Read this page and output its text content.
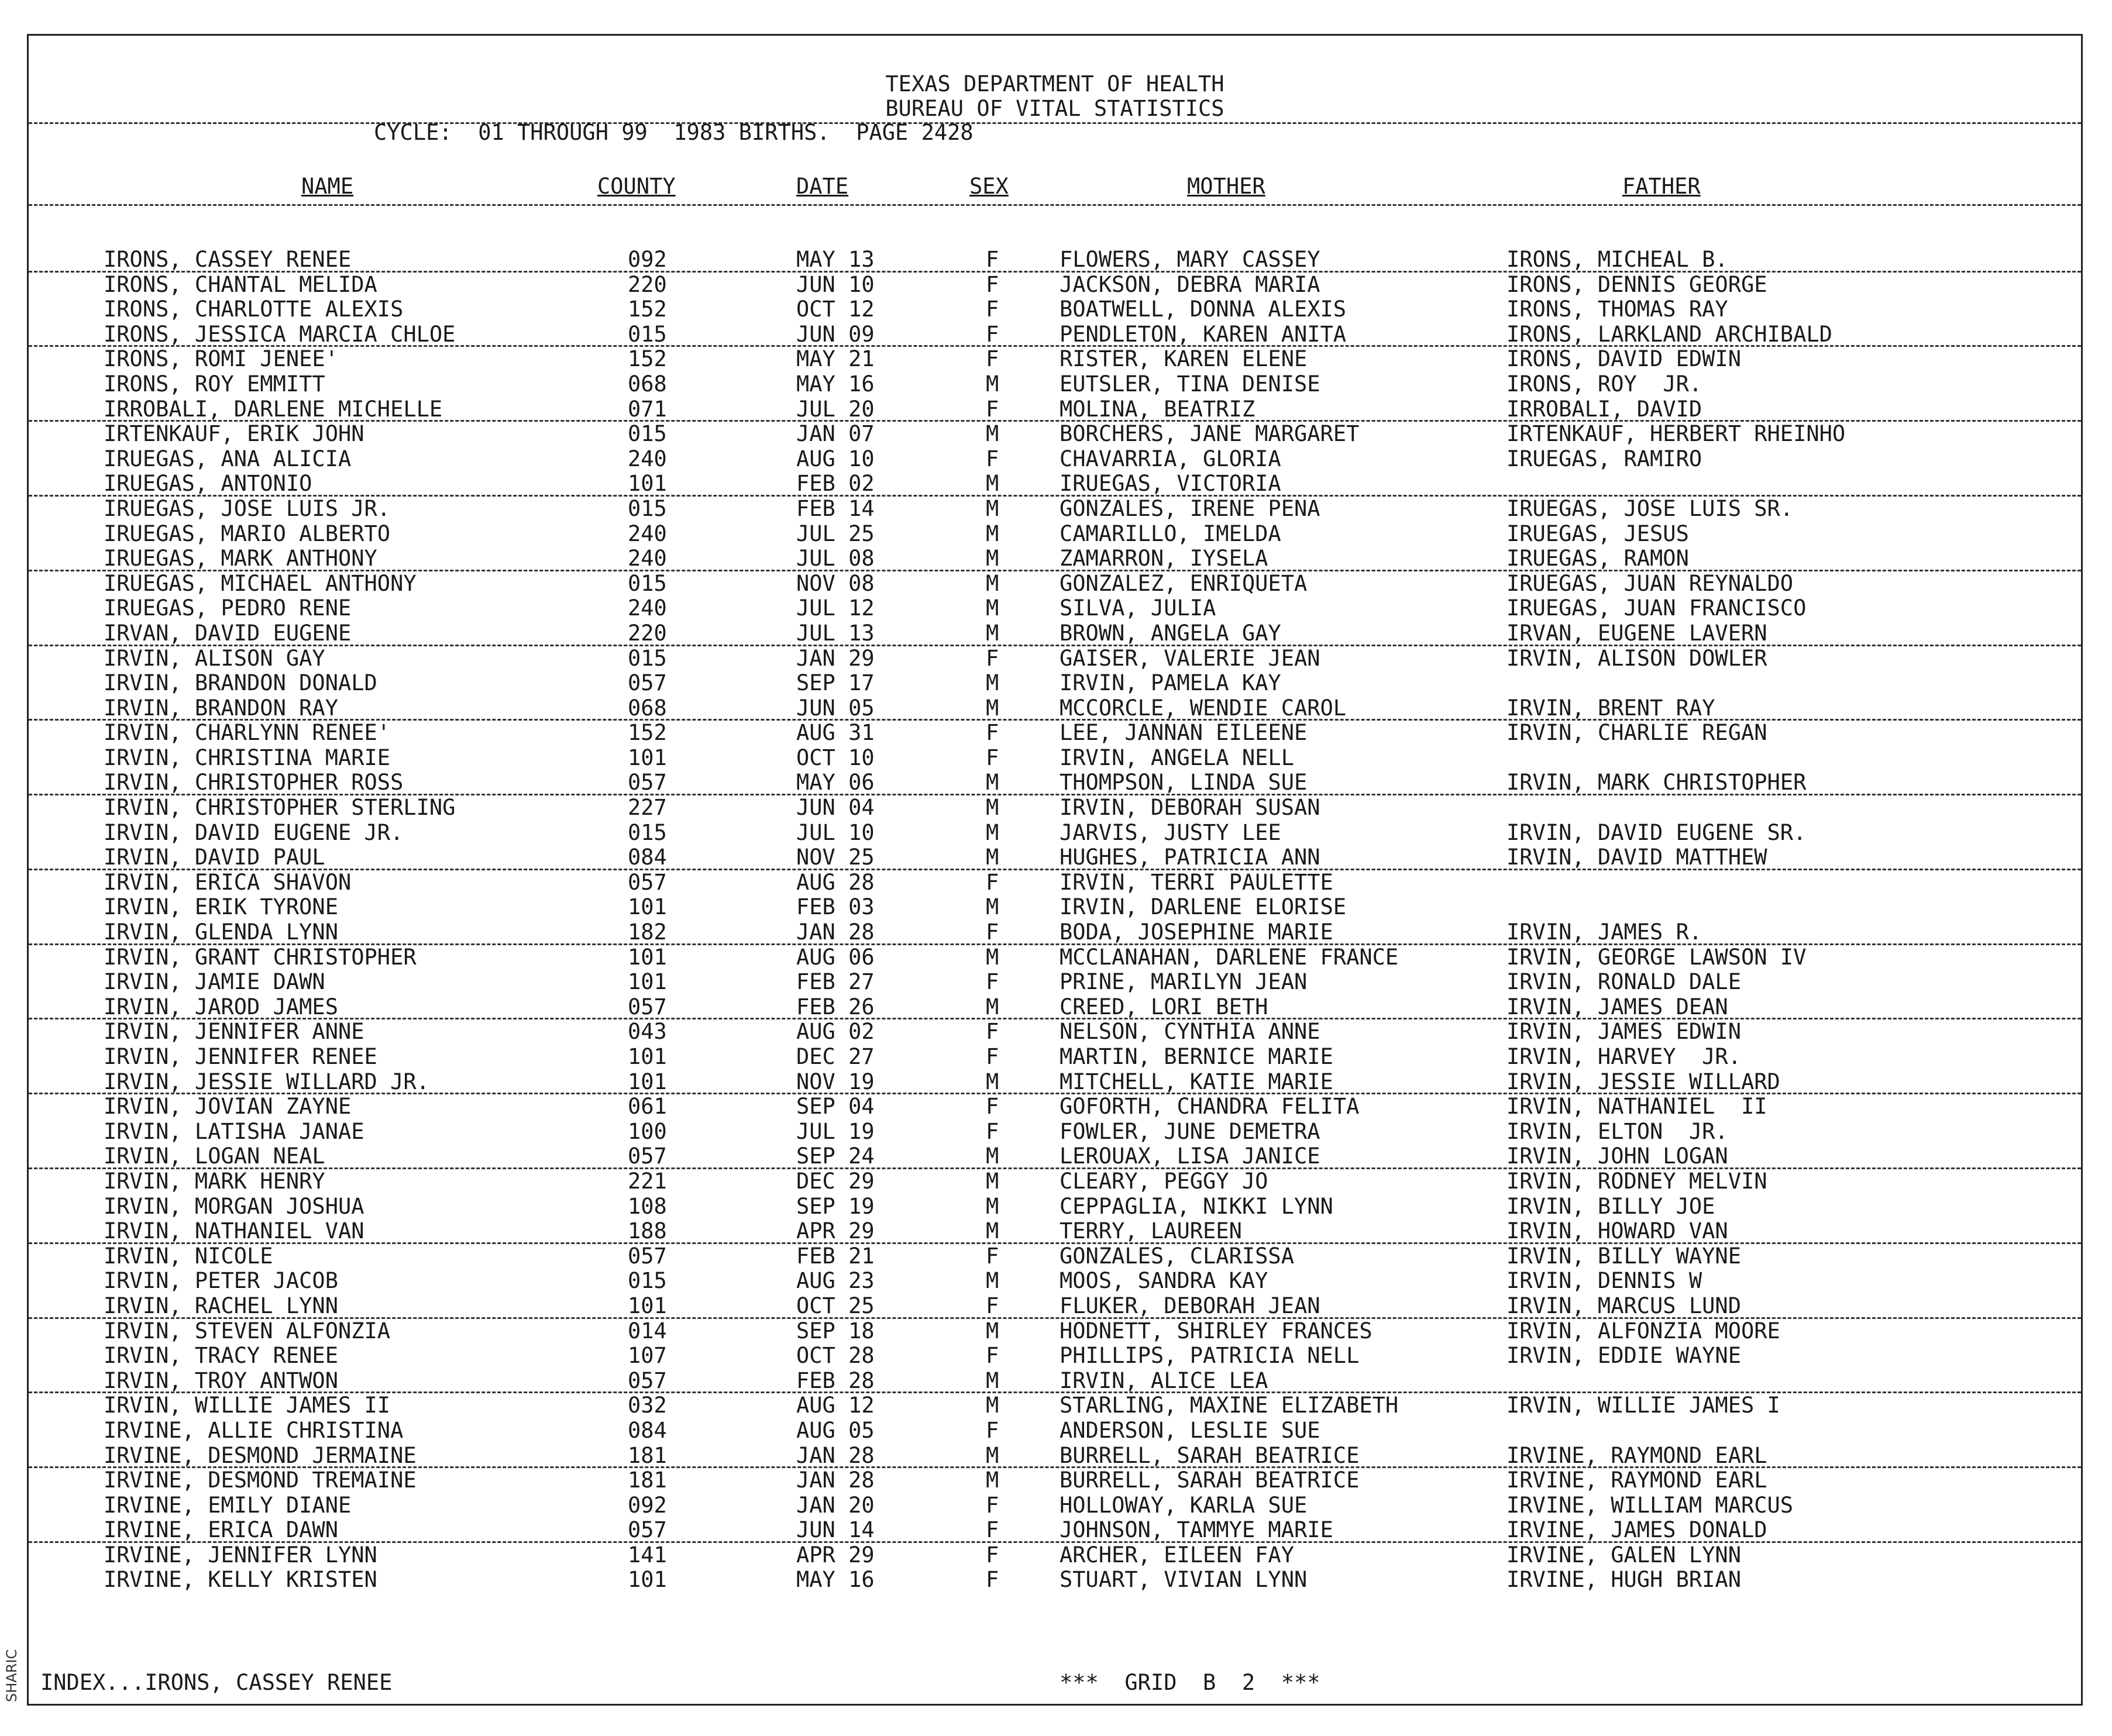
SHARIC
TEXAS DEPARTMENT OF HEALTH
BUREAU OF VITAL STATISTICS
CYCLE:  01 THROUGH 99  1983 BIRTHS.  PAGE 2428
NAME	COUNTY	DATE	SEX	MOTHER	FATHER
IRONS, CASSEY RENEE	092	MAY 13	F	FLOWERS, MARY CASSEY	IRONS, MICHEAL B.
IRONS, CHANTAL MELIDA	220	JUN 10	F	JACKSON, DEBRA MARIA	IRONS, DENNIS GEORGE
IRONS, CHARLOTTE ALEXIS	152	OCT 12	F	BOATWELL, DONNA ALEXIS	IRONS, THOMAS RAY
IRONS, JESSICA MARCIA CHLOE	015	JUN 09	F	PENDLETON, KAREN ANITA	IRONS, LARKLAND ARCHIBALD
IRONS, ROMI JENEE'	152	MAY 21	F	RISTER, KAREN ELENE	IRONS, DAVID EDWIN
IRONS, ROY EMMITT	068	MAY 16	M	EUTSLER, TINA DENISE	IRONS, ROY  JR.
IRROBALI, DARLENE MICHELLE	071	JUL 20	F	MOLINA, BEATRIZ	IRROBALI, DAVID
IRTENKAUF, ERIK JOHN	015	JAN 07	M	BORCHERS, JANE MARGARET	IRTENKAUF, HERBERT RHEINHO
IRUEGAS, ANA ALICIA	240	AUG 10	F	CHAVARRIA, GLORIA	IRUEGAS, RAMIRO
IRUEGAS, ANTONIO	101	FEB 02	M	IRUEGAS, VICTORIA
IRUEGAS, JOSE LUIS JR.	015	FEB 14	M	GONZALES, IRENE PENA	IRUEGAS, JOSE LUIS SR.
IRUEGAS, MARIO ALBERTO	240	JUL 25	M	CAMARILLO, IMELDA	IRUEGAS, JESUS
IRUEGAS, MARK ANTHONY	240	JUL 08	M	ZAMARRON, IYSELA	IRUEGAS, RAMON
IRUEGAS, MICHAEL ANTHONY	015	NOV 08	M	GONZALEZ, ENRIQUETA	IRUEGAS, JUAN REYNALDO
IRUEGAS, PEDRO RENE	240	JUL 12	M	SILVA, JULIA	IRUEGAS, JUAN FRANCISCO
IRVAN, DAVID EUGENE	220	JUL 13	M	BROWN, ANGELA GAY	IRVAN, EUGENE LAVERN
IRVIN, ALISON GAY	015	JAN 29	F	GAISER, VALERIE JEAN	IRVIN, ALISON DOWLER
IRVIN, BRANDON DONALD	057	SEP 17	M	IRVIN, PAMELA KAY
IRVIN, BRANDON RAY	068	JUN 05	M	MCCORCLE, WENDIE CAROL	IRVIN, BRENT RAY
IRVIN, CHARLYNN RENEE'	152	AUG 31	F	LEE, JANNAN EILEENE	IRVIN, CHARLIE REGAN
IRVIN, CHRISTINA MARIE	101	OCT 10	F	IRVIN, ANGELA NELL
IRVIN, CHRISTOPHER ROSS	057	MAY 06	M	THOMPSON, LINDA SUE	IRVIN, MARK CHRISTOPHER
IRVIN, CHRISTOPHER STERLING	227	JUN 04	M	IRVIN, DEBORAH SUSAN
IRVIN, DAVID EUGENE JR.	015	JUL 10	M	JARVIS, JUSTY LEE	IRVIN, DAVID EUGENE SR.
IRVIN, DAVID PAUL	084	NOV 25	M	HUGHES, PATRICIA ANN	IRVIN, DAVID MATTHEW
IRVIN, ERICA SHAVON	057	AUG 28	F	IRVIN, TERRI PAULETTE
IRVIN, ERIK TYRONE	101	FEB 03	M	IRVIN, DARLENE ELORISE
IRVIN, GLENDA LYNN	182	JAN 28	F	BODA, JOSEPHINE MARIE	IRVIN, JAMES R.
IRVIN, GRANT CHRISTOPHER	101	AUG 06	M	MCCLANAHAN, DARLENE FRANCE	IRVIN, GEORGE LAWSON IV
IRVIN, JAMIE DAWN	101	FEB 27	F	PRINE, MARILYN JEAN	IRVIN, RONALD DALE
IRVIN, JAROD JAMES	057	FEB 26	M	CREED, LORI BETH	IRVIN, JAMES DEAN
IRVIN, JENNIFER ANNE	043	AUG 02	F	NELSON, CYNTHIA ANNE	IRVIN, JAMES EDWIN
IRVIN, JENNIFER RENEE	101	DEC 27	F	MARTIN, BERNICE MARIE	IRVIN, HARVEY  JR.
IRVIN, JESSIE WILLARD JR.	101	NOV 19	M	MITCHELL, KATIE MARIE	IRVIN, JESSIE WILLARD
IRVIN, JOVIAN ZAYNE	061	SEP 04	F	GOFORTH, CHANDRA FELITA	IRVIN, NATHANIEL  II
IRVIN, LATISHA JANAE	100	JUL 19	F	FOWLER, JUNE DEMETRA	IRVIN, ELTON  JR.
IRVIN, LOGAN NEAL	057	SEP 24	M	LEROUAX, LISA JANICE	IRVIN, JOHN LOGAN
IRVIN, MARK HENRY	221	DEC 29	M	CLEARY, PEGGY JO	IRVIN, RODNEY MELVIN
IRVIN, MORGAN JOSHUA	108	SEP 19	M	CEPPAGLIA, NIKKI LYNN	IRVIN, BILLY JOE
IRVIN, NATHANIEL VAN	188	APR 29	M	TERRY, LAUREEN	IRVIN, HOWARD VAN
IRVIN, NICOLE	057	FEB 21	F	GONZALES, CLARISSA	IRVIN, BILLY WAYNE
IRVIN, PETER JACOB	015	AUG 23	M	MOOS, SANDRA KAY	IRVIN, DENNIS W
IRVIN, RACHEL LYNN	101	OCT 25	F	FLUKER, DEBORAH JEAN	IRVIN, MARCUS LUND
IRVIN, STEVEN ALFONZIA	014	SEP 18	M	HODNETT, SHIRLEY FRANCES	IRVIN, ALFONZIA MOORE
IRVIN, TRACY RENEE	107	OCT 28	F	PHILLIPS, PATRICIA NELL	IRVIN, EDDIE WAYNE
IRVIN, TROY ANTWON	057	FEB 28	M	IRVIN, ALICE LEA
IRVIN, WILLIE JAMES II	032	AUG 12	M	STARLING, MAXINE ELIZABETH	IRVIN, WILLIE JAMES I
IRVINE, ALLIE CHRISTINA	084	AUG 05	F	ANDERSON, LESLIE SUE
IRVINE, DESMOND JERMAINE	181	JAN 28	M	BURRELL, SARAH BEATRICE	IRVINE, RAYMOND EARL
IRVINE, DESMOND TREMAINE	181	JAN 28	M	BURRELL, SARAH BEATRICE	IRVINE, RAYMOND EARL
IRVINE, EMILY DIANE	092	JAN 20	F	HOLLOWAY, KARLA SUE	IRVINE, WILLIAM MARCUS
IRVINE, ERICA DAWN	057	JUN 14	F	JOHNSON, TAMMYE MARIE	IRVINE, JAMES DONALD
IRVINE, JENNIFER LYNN	141	APR 29	F	ARCHER, EILEEN FAY	IRVINE, GALEN LYNN
IRVINE, KELLY KRISTEN	101	MAY 16	F	STUART, VIVIAN LYNN	IRVINE, HUGH BRIAN
INDEX...IRONS, CASSEY RENEE	***  GRID  B  2  ***
